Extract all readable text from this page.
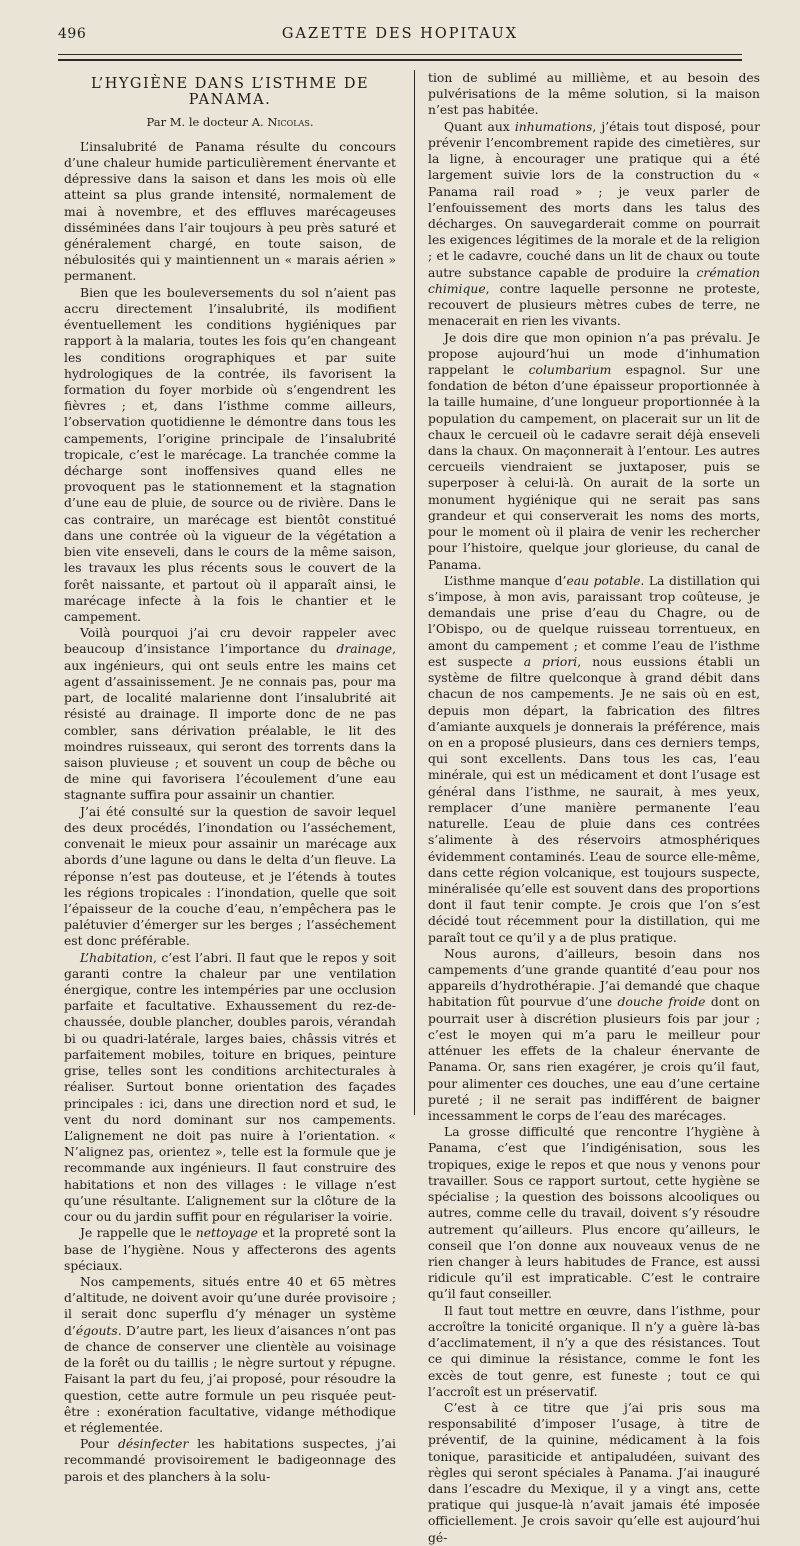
496	GAZETTE DES HOPITAUX
L’HYGIÈNE DANS L’ISTHME DE PANAMA.
Par M. le docteur A. Nicolas.

L’insalubrité de Panama résulte du concours d’une chaleur humide particulièrement énervante et dépressive dans la saison et dans les mois où elle atteint sa plus grande intensité, normalement de mai à novembre, et des effluves marécageuses disséminées dans l’air toujours à peu près saturé et généralement chargé, en toute saison, de nébulosités qui y maintiennent un « marais aérien » permanent.

Bien que les bouleversements du sol n’aient pas accru directement l’insalubrité, ils modifient éventuellement les conditions hygiéniques par rapport à la malaria, toutes les fois qu’en changeant les conditions orographiques et par suite hydrologiques de la contrée, ils favorisent la formation du foyer morbide où s’engendrent les fièvres ; et, dans l’isthme comme ailleurs, l’observation quotidienne le démontre dans tous les campements, l’origine principale de l’insalubrité tropicale, c’est le marécage. La tranchée comme la décharge sont inoffensives quand elles ne provoquent pas le stationnement et la stagnation d’une eau de pluie, de source ou de rivière. Dans le cas contraire, un marécage est bientôt constitué dans une contrée où la vigueur de la végétation a bien vite enseveli, dans le cours de la même saison, les travaux les plus récents sous le couvert de la forêt naissante, et partout où il apparaît ainsi, le marécage infecte à la fois le chantier et le campement.

Voilà pourquoi j’ai cru devoir rappeler avec beaucoup d’insistance l’importance du drainage, aux ingénieurs, qui ont seuls entre les mains cet agent d’assainissement. Je ne connais pas, pour ma part, de localité malarienne dont l’insalubrité ait résisté au drainage. Il importe donc de ne pas combler, sans dérivation préalable, le lit des moindres ruisseaux, qui seront des torrents dans la saison pluvieuse ; et souvent un coup de bêche ou de mine qui favorisera l’écoulement d’une eau stagnante suffira pour assainir un chantier.

J’ai été consulté sur la question de savoir lequel des deux procédés, l’inondation ou l’asséchement, convenait le mieux pour assainir un marécage aux abords d’une lagune ou dans le delta d’un fleuve. La réponse n’est pas douteuse, et je l’étends à toutes les régions tropicales : l’inondation, quelle que soit l’épaisseur de la couche d’eau, n’empêchera pas le palétuvier d’émerger sur les berges ; l’asséchement est donc préférable.

L’habitation, c’est l’abri. Il faut que le repos y soit garanti contre la chaleur par une ventilation énergique, contre les intempéries par une occlusion parfaite et facultative. Exhaussement du rez-de-chaussée, double plancher, doubles parois, vérandah bi ou quadri-latérale, larges baies, châssis vitrés et parfaitement mobiles, toiture en briques, peinture grise, telles sont les conditions architecturales à réaliser. Surtout bonne orientation des façades principales : ici, dans une direction nord et sud, le vent du nord dominant sur nos campements. L’alignement ne doit pas nuire à l’orientation. « N’alignez pas, orientez », telle est la formule que je recommande aux ingénieurs. Il faut construire des habitations et non des villages : le village n’est qu’une résultante. L’alignement sur la clôture de la cour ou du jardin suffit pour en régulariser la voirie.

Je rappelle que le nettoyage et la propreté sont la base de l’hygiène. Nous y affecterons des agents spéciaux.

Nos campements, situés entre 40 et 65 mètres d’altitude, ne doivent avoir qu’une durée provisoire ; il serait donc superflu d’y ménager un système d’égouts. D’autre part, les lieux d’aisances n’ont pas de chance de conserver une clientèle au voisinage de la forêt ou du taillis ; le nègre surtout y répugne. Faisant la part du feu, j’ai proposé, pour résoudre la question, cette autre formule un peu risquée peut-être : exonération facultative, vidange méthodique et réglementée.

Pour désinfecter les habitations suspectes, j’ai recommandé provisoirement le badigeonnage des parois et des planchers à la solu-

tion de sublimé au millième, et au besoin des pulvérisations de la même solution, si la maison n’est pas habitée.

Quant aux inhumations, j’étais tout disposé, pour prévenir l’encombrement rapide des cimetières, sur la ligne, à encourager une pratique qui a été largement suivie lors de la construction du « Panama rail road » ; je veux parler de l’enfouissement des morts dans les talus des décharges. On sauvegarderait comme on pourrait les exigences légitimes de la morale et de la religion ; et le cadavre, couché dans un lit de chaux ou toute autre substance capable de produire la crémation chimique, contre laquelle personne ne proteste, recouvert de plusieurs mètres cubes de terre, ne menacerait en rien les vivants.

Je dois dire que mon opinion n’a pas prévalu. Je propose aujourd’hui un mode d’inhumation rappelant le columbarium espagnol. Sur une fondation de béton d’une épaisseur proportionnée à la taille humaine, d’une longueur proportionnée à la population du campement, on placerait sur un lit de chaux le cercueil où le cadavre serait déjà enseveli dans la chaux. On maçonnerait à l’entour. Les autres cercueils viendraient se juxtaposer, puis se superposer à celui-là. On aurait de la sorte un monument hygiénique qui ne serait pas sans grandeur et qui conserverait les noms des morts, pour le moment où il plaira de venir les rechercher pour l’histoire, quelque jour glorieuse, du canal de Panama.

L’isthme manque d’eau potable. La distillation qui s’impose, à mon avis, paraissant trop coûteuse, je demandais une prise d’eau du Chagre, ou de l’Obispo, ou de quelque ruisseau torrentueux, en amont du campement ; et comme l’eau de l’isthme est suspecte a priori, nous eussions établi un système de filtre quelconque à grand débit dans chacun de nos campements. Je ne sais où en est, depuis mon départ, la fabrication des filtres d’amiante auxquels je donnerais la préférence, mais on en a proposé plusieurs, dans ces derniers temps, qui sont excellents. Dans tous les cas, l’eau minérale, qui est un médicament et dont l’usage est général dans l’isthme, ne saurait, à mes yeux, remplacer d’une manière permanente l’eau naturelle. L’eau de pluie dans ces contrées s’alimente à des réservoirs atmosphériques évidemment contaminés. L’eau de source elle-même, dans cette région volcanique, est toujours suspecte, minéralisée qu’elle est souvent dans des proportions dont il faut tenir compte. Je crois que l’on s’est décidé tout récemment pour la distillation, qui me paraît tout ce qu’il y a de plus pratique.

Nous aurons, d’ailleurs, besoin dans nos campements d’une grande quantité d’eau pour nos appareils d’hydrothérapie. J’ai demandé que chaque habitation fût pourvue d’une douche froide dont on pourrait user à discrétion plusieurs fois par jour ; c’est le moyen qui m’a paru le meilleur pour atténuer les effets de la chaleur énervante de Panama. Or, sans rien exagérer, je crois qu’il faut, pour alimenter ces douches, une eau d’une certaine pureté ; il ne serait pas indifférent de baigner incessamment le corps de l’eau des marécages.

La grosse difficulté que rencontre l’hygiène à Panama, c’est que l’indigénisation, sous les tropiques, exige le repos et que nous y venons pour travailler. Sous ce rapport surtout, cette hygiène se spécialise ; la question des boissons alcooliques ou autres, comme celle du travail, doivent s’y résoudre autrement qu’ailleurs. Plus encore qu’ailleurs, le conseil que l’on donne aux nouveaux venus de ne rien changer à leurs habitudes de France, est aussi ridicule qu’il est impraticable. C’est le contraire qu’il faut conseiller.

Il faut tout mettre en œuvre, dans l’isthme, pour accroître la tonicité organique. Il n’y a guère là-bas d’acclimatement, il n’y a que des résistances. Tout ce qui diminue la résistance, comme le font les excès de tout genre, est funeste ; tout ce qui l’accroît est un préservatif.

C’est à ce titre que j’ai pris sous ma responsabilité d’imposer l’usage, à titre de préventif, de la quinine, médicament à la fois tonique, parasiticide et antipaludéen, suivant des règles qui seront spéciales à Panama. J’ai inauguré dans l’escadre du Mexique, il y a vingt ans, cette pratique qui jusque-là n’avait jamais été imposée officiellement. Je crois savoir qu’elle est aujourd’hui gé-
